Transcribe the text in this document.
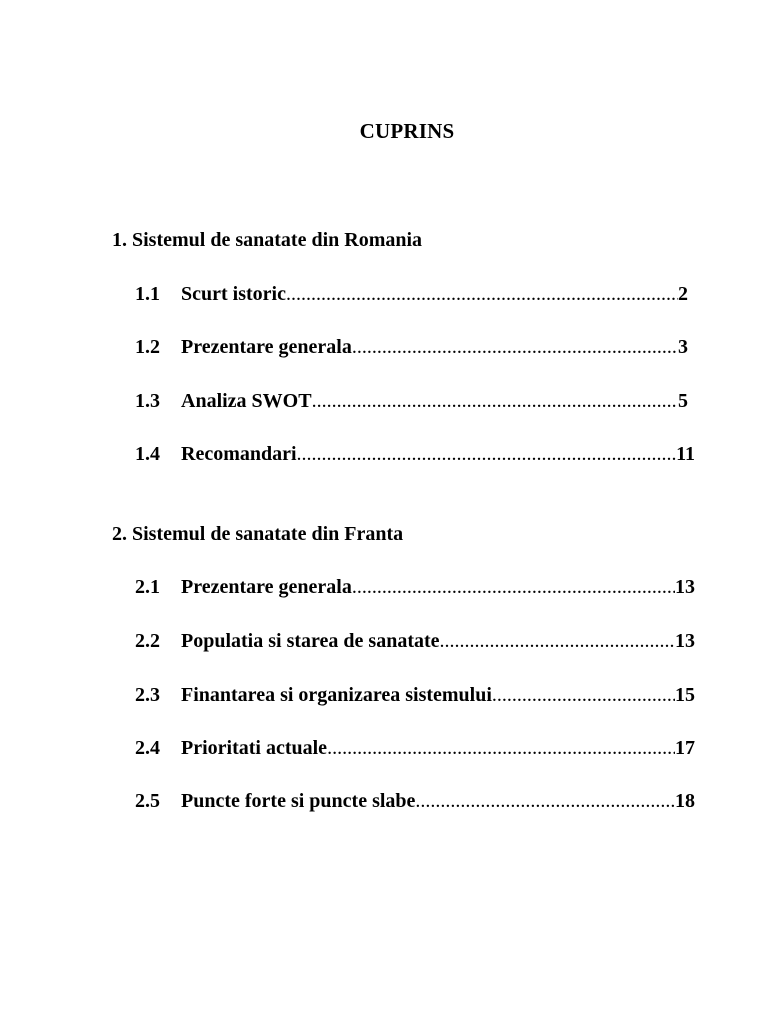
CUPRINS
1. Sistemul de sanatate din Romania
1.1	Scurt istoric .....	2
1.2	Prezentare generala .....	3
1.3	Analiza SWOT .....	5
1.4	Recomandari .....	11
2. Sistemul de sanatate din Franta
2.1	Prezentare generala .....	13
2.2	Populatia si starea de sanatate .....	13
2.3	Finantarea si organizarea sistemului .....	15
2.4	Prioritati actuale .....	17
2.5	Puncte forte si puncte slabe .....	18
